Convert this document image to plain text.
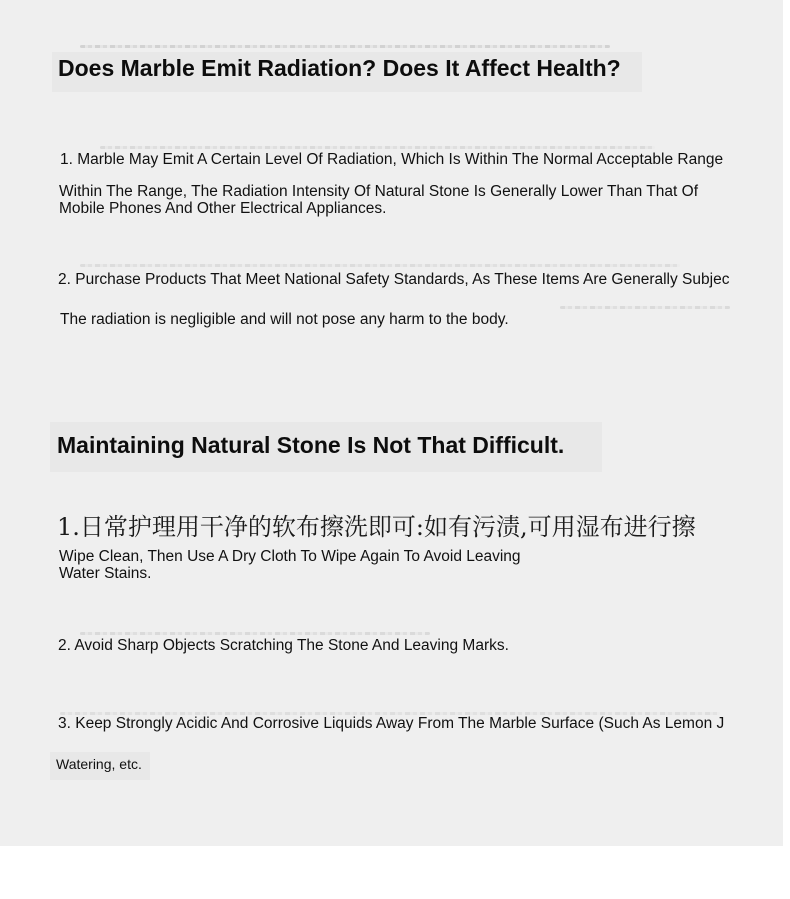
Does Marble Emit Radiation? Does It Affect Health?
1. Marble May Emit A Certain Level Of Radiation, Which Is Within The Normal Acceptable Range
Within The Range, The Radiation Intensity Of Natural Stone Is Generally Lower Than That Of
Mobile Phones And Other Electrical Appliances.
2. Purchase Products That Meet National Safety Standards, As These Items Are Generally Subjec
The radiation is negligible and will not pose any harm to the body.
Maintaining Natural Stone Is Not That Difficult.
1.日常护理用干净的软布擦洗即可:如有污渍,可用湿布进行擦
Wipe Clean, Then Use A Dry Cloth To Wipe Again To Avoid Leaving
Water Stains.
2. Avoid Sharp Objects Scratching The Stone And Leaving Marks.
3. Keep Strongly Acidic And Corrosive Liquids Away From The Marble Surface (Such As Lemon J
Watering, etc.
